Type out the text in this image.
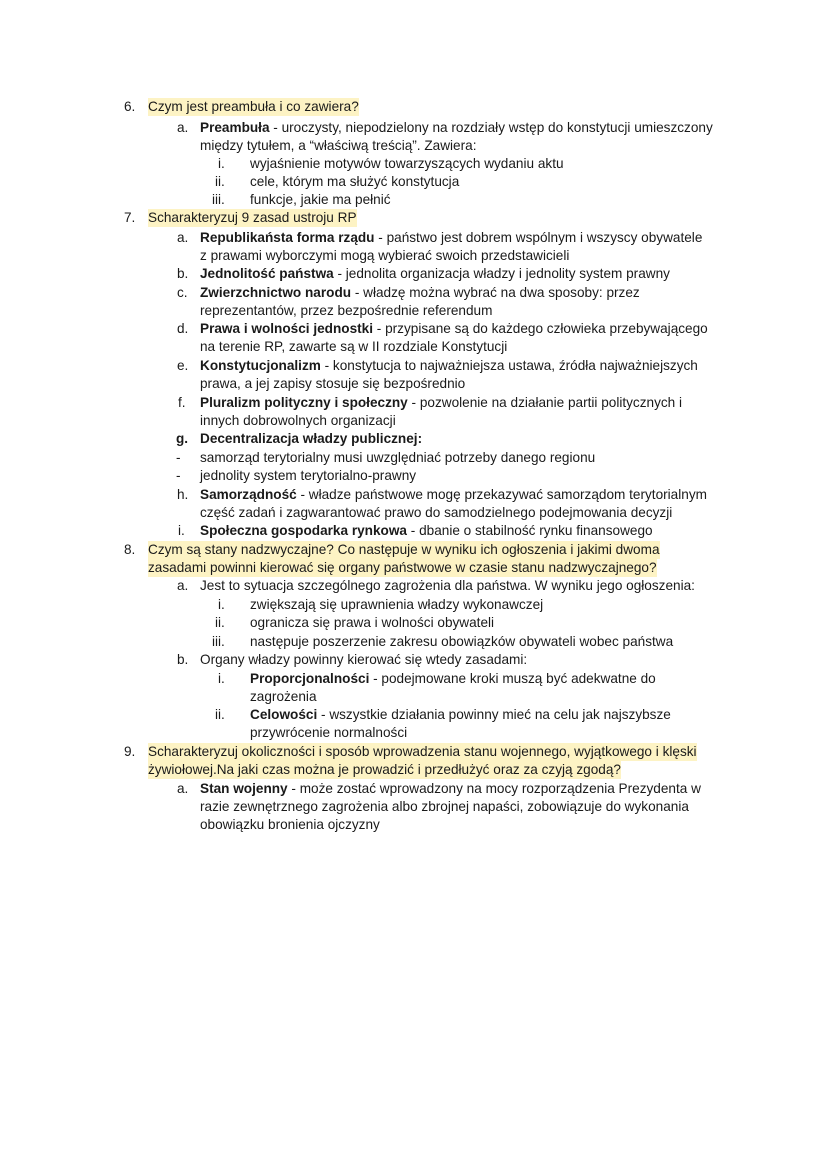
6. Czym jest preambuła i co zawiera?
a. Preambuła - uroczysty, niepodzielony na rozdziały wstęp do konstytucji umieszczony
między tytułem, a “właściwą treścią”. Zawiera:
i. wyjaśnienie motywów towarzyszących wydaniu aktu
ii. cele, którym ma służyć konstytucja
iii. funkcje, jakie ma pełnić
7. Scharakteryzuj 9 zasad ustroju RP
a. Republikaństa forma rządu - państwo jest dobrem wspólnym i wszyscy obywatele
z prawami wyborczymi mogą wybierać swoich przedstawicieli
b. Jednolitość państwa - jednolita organizacja władzy i jednolity system prawny
c. Zwierzchnictwo narodu - władzę można wybrać na dwa sposoby: przez
reprezentantów, przez bezpośrednie referendum
d. Prawa i wolności jednostki - przypisane są do każdego człowieka przebywającego
na terenie RP, zawarte są w II rozdziale Konstytucji
e. Konstytucjonalizm - konstytucja to najważniejsza ustawa, źródła najważniejszych
prawa, a jej zapisy stosuje się bezpośrednio
f. Pluralizm polityczny i społeczny - pozwolenie na działanie partii politycznych i
innych dobrowolnych organizacji
g. Decentralizacja władzy publicznej:
- samorząd terytorialny musi uwzględniać potrzeby danego regionu
- jednolity system terytorialno-prawny
h. Samorządność - władze państwowe mogę przekazywać samorządom terytorialnym
część zadań i zagwarantować prawo do samodzielnego podejmowania decyzji
i. Społeczna gospodarka rynkowa - dbanie o stabilność rynku finansowego
8. Czym są stany nadzwyczajne? Co następuje w wyniku ich ogłoszenia i jakimi dwoma
zasadami powinni kierować się organy państwowe w czasie stanu nadzwyczajnego?
a. Jest to sytuacja szczególnego zagrożenia dla państwa. W wyniku jego ogłoszenia:
i. zwiększają się uprawnienia władzy wykonawczej
ii. ogranicza się prawa i wolności obywateli
iii. następuje poszerzenie zakresu obowiązków obywateli wobec państwa
b. Organy władzy powinny kierować się wtedy zasadami:
i. Proporcjonalności - podejmowane kroki muszą być adekwatne do
zagrożenia
ii. Celowości - wszystkie działania powinny mieć na celu jak najszybsze
przywrócenie normalności
9. Scharakteryzuj okoliczności i sposób wprowadzenia stanu wojennego, wyjątkowego i klęski
żywiołowej.Na jaki czas można je prowadzić i przedłużyć oraz za czyją zgodą?
a. Stan wojenny - może zostać wprowadzony na mocy rozporządzenia Prezydenta w
razie zewnętrznego zagrożenia albo zbrojnej napaści, zobowiązuje do wykonania
obowiązku bronienia ojczyzny
